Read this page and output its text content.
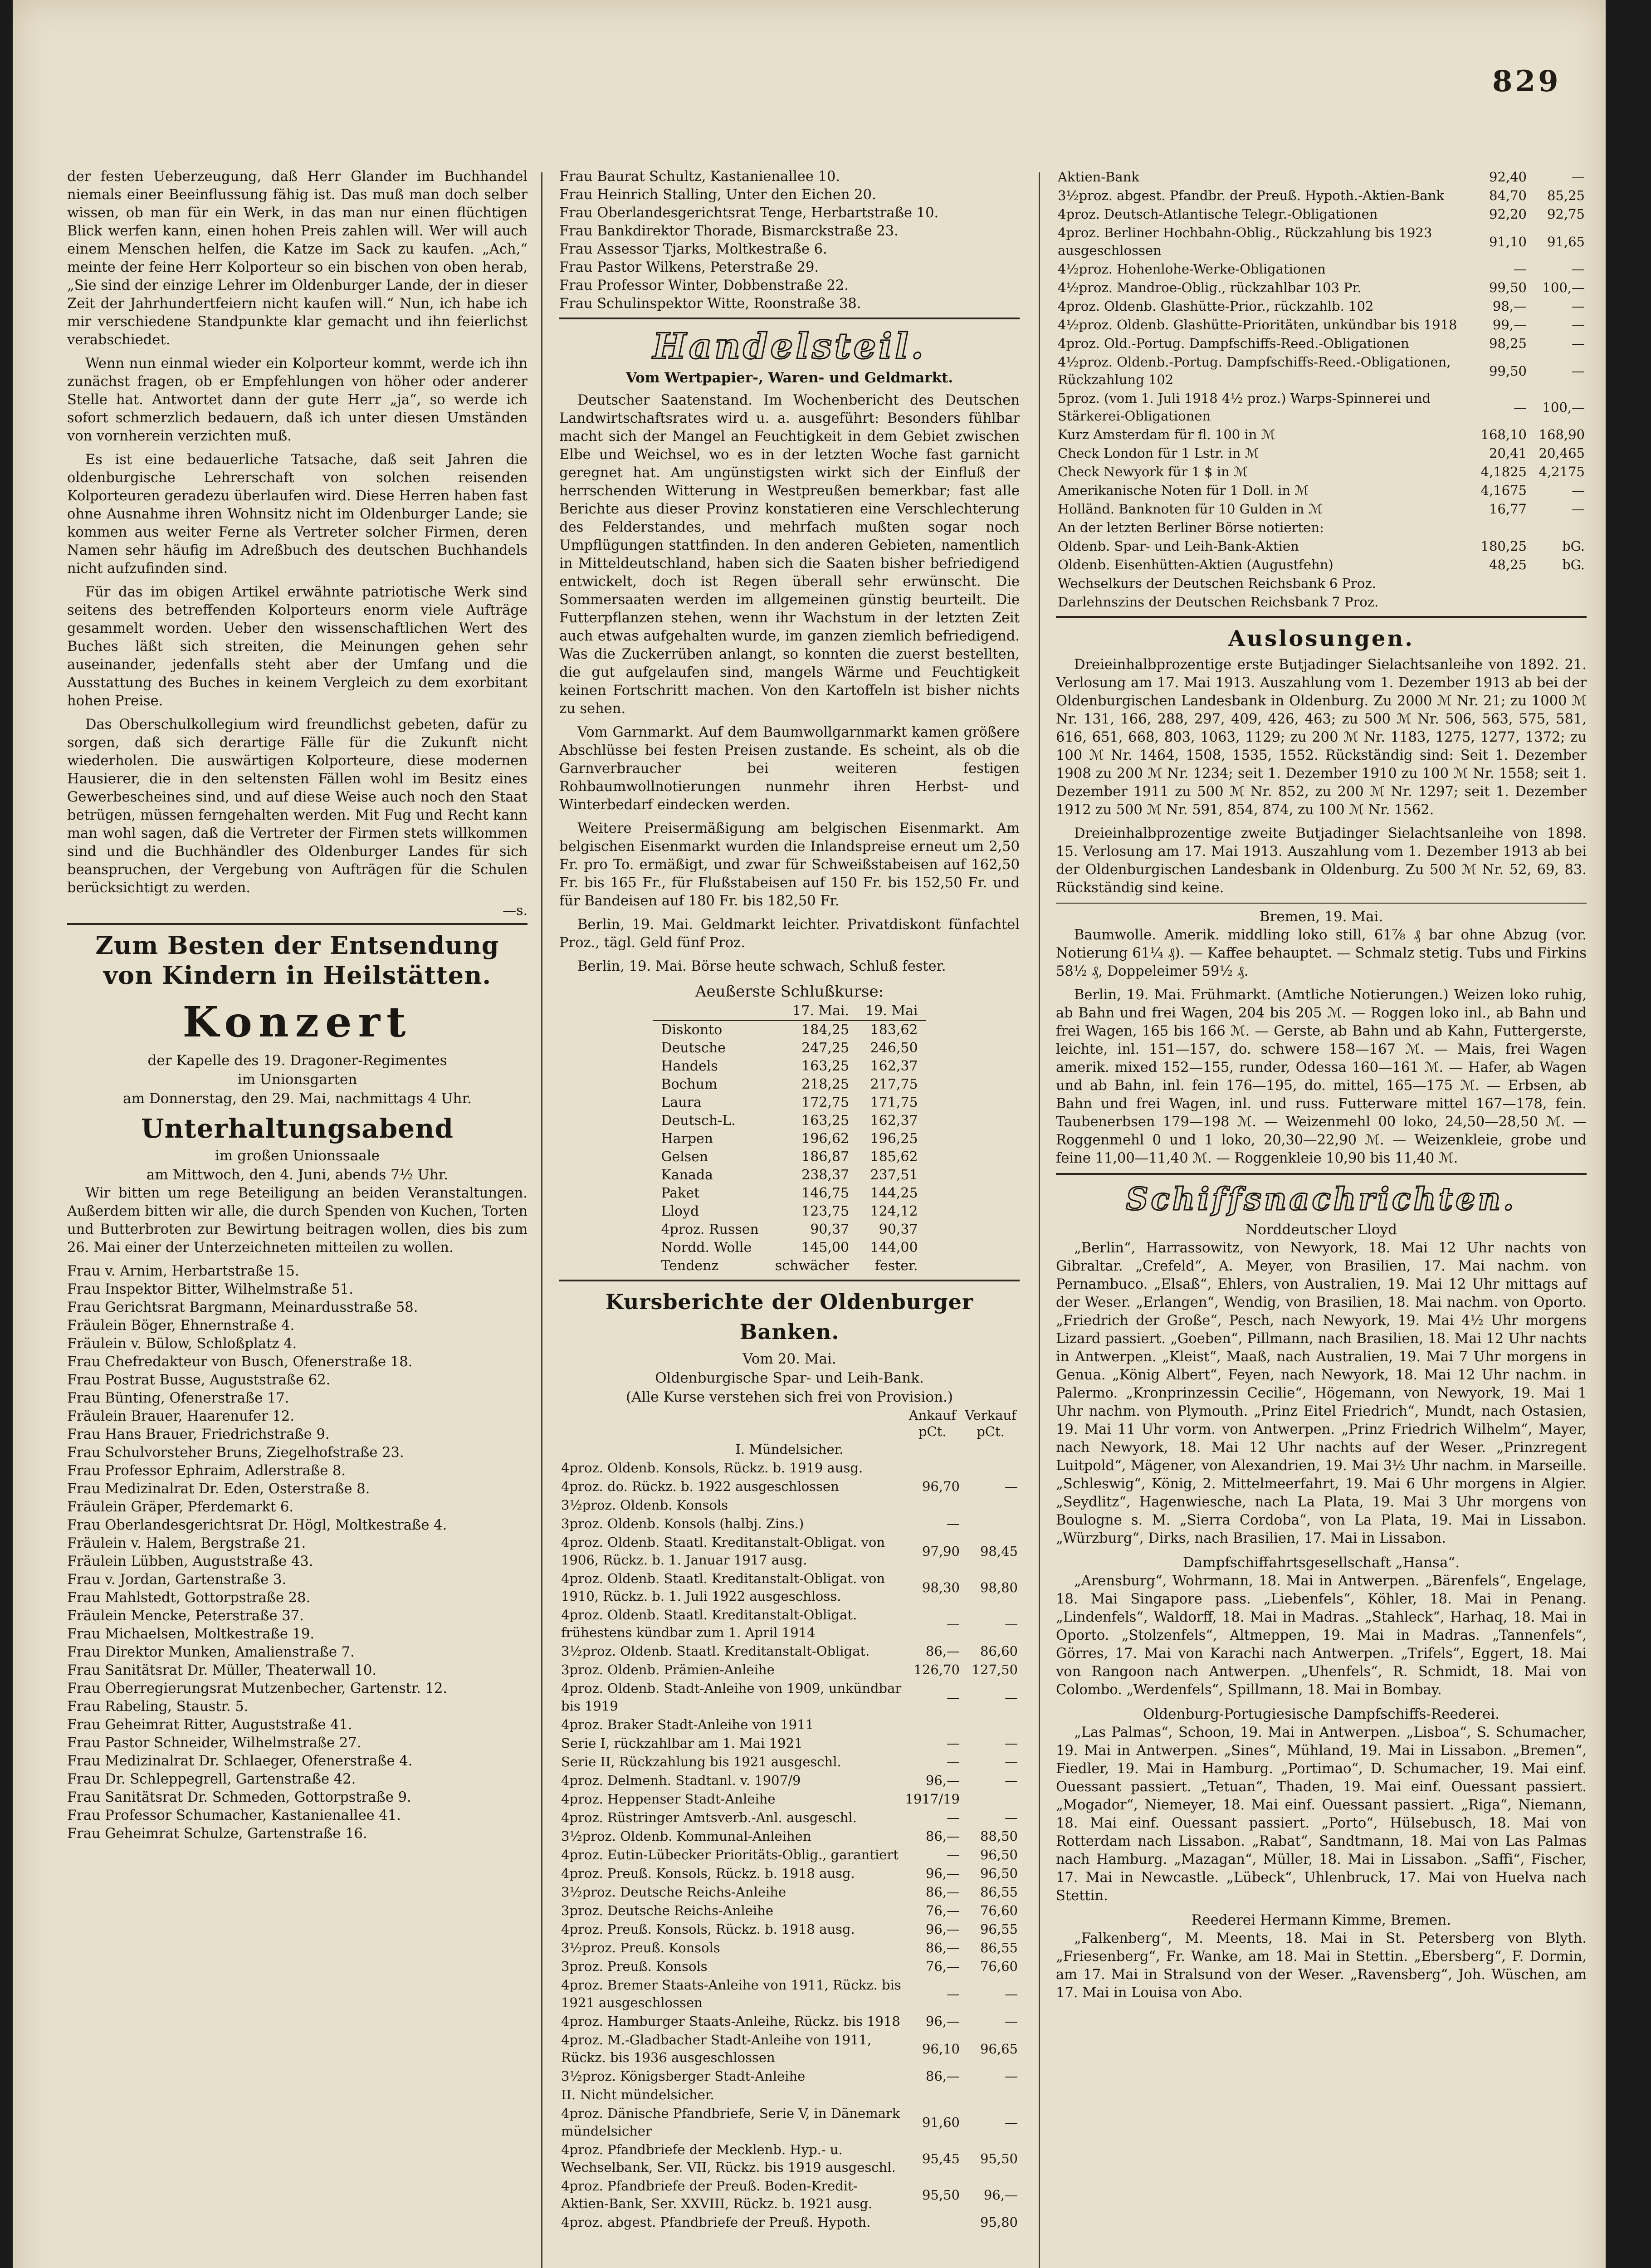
829

der festen Ueberzeugung, daß Herr Glander im Buchhandel niemals einer Beeinflussung fähig ist. Das muß man doch selber wissen, ob man für ein Werk, in das man nur einen flüchtigen Blick werfen kann, einen hohen Preis zahlen will. Wer will auch einem Menschen helfen, die Katze im Sack zu kaufen. „Ach,“ meinte der feine Herr Kolporteur so ein bischen von oben herab, „Sie sind der einzige Lehrer im Oldenburger Lande, der in dieser Zeit der Jahrhundertfeiern nicht kaufen will.“ Nun, ich habe ich mir verschiedene Standpunkte klar gemacht und ihn feierlichst verabschiedet.

Wenn nun einmal wieder ein Kolporteur kommt, werde ich ihn zunächst fragen, ob er Empfehlungen von höher oder anderer Stelle hat. Antwortet dann der gute Herr „ja“, so werde ich sofort schmerzlich bedauern, daß ich unter diesen Umständen von vornherein verzichten muß.

Es ist eine bedauerliche Tatsache, daß seit Jahren die oldenburgische Lehrerschaft von solchen reisenden Kolporteuren geradezu überlaufen wird. Diese Herren haben fast ohne Ausnahme ihren Wohnsitz nicht im Oldenburger Lande; sie kommen aus weiter Ferne als Vertreter solcher Firmen, deren Namen sehr häufig im Adreßbuch des deutschen Buchhandels nicht aufzufinden sind.

Für das im obigen Artikel erwähnte patriotische Werk sind seitens des betreffenden Kolporteurs enorm viele Aufträge gesammelt worden. Ueber den wissenschaftlichen Wert des Buches läßt sich streiten, die Meinungen gehen sehr auseinander, jedenfalls steht aber der Umfang und die Ausstattung des Buches in keinem Vergleich zu dem exorbitant hohen Preise.

Das Oberschulkollegium wird freundlichst gebeten, dafür zu sorgen, daß sich derartige Fälle für die Zukunft nicht wiederholen. Die auswärtigen Kolporteure, diese modernen Hausierer, die in den seltensten Fällen wohl im Besitz eines Gewerbescheines sind, und auf diese Weise auch noch den Staat betrügen, müssen ferngehalten werden. Mit Fug und Recht kann man wohl sagen, daß die Vertreter der Firmen stets willkommen sind und die Buchhändler des Oldenburger Landes für sich beanspruchen, der Vergebung von Aufträgen für die Schulen berücksichtigt zu werden.

—s.
Zum Besten der Entsendung von Kindern in Heilstätten.
Konzert
der Kapelle des 19. Dragoner-Regimentes
im Unionsgarten
am Donnerstag, den 29. Mai, nachmittags 4 Uhr.
Unterhaltungsabend
im großen Unionssaale
am Mittwoch, den 4. Juni, abends 7½ Uhr.

Wir bitten um rege Beteiligung an beiden Veranstaltungen. Außerdem bitten wir alle, die durch Spenden von Kuchen, Torten und Butterbroten zur Bewirtung beitragen wollen, dies bis zum 26. Mai einer der Unterzeichneten mitteilen zu wollen.

Frau v. Arnim, Herbartstraße 15.
Frau Inspektor Bitter, Wilhelmstraße 51.
Frau Gerichtsrat Bargmann, Meinardusstraße 58.
Fräulein Böger, Ehnernstraße 4.
Fräulein v. Bülow, Schloßplatz 4.
Frau Chefredakteur von Busch, Ofenerstraße 18.
Frau Postrat Busse, Auguststraße 62.
Frau Bünting, Ofenerstraße 17.
Fräulein Brauer, Haarenufer 12.
Frau Hans Brauer, Friedrichstraße 9.
Frau Schulvorsteher Bruns, Ziegelhofstraße 23.
Frau Professor Ephraim, Adlerstraße 8.
Frau Medizinalrat Dr. Eden, Osterstraße 8.
Fräulein Gräper, Pferdemarkt 6.
Frau Oberlandesgerichtsrat Dr. Högl, Moltkestraße 4.
Fräulein v. Halem, Bergstraße 21.
Fräulein Lübben, Auguststraße 43.
Frau v. Jordan, Gartenstraße 3.
Frau Mahlstedt, Gottorpstraße 28.
Fräulein Mencke, Peterstraße 37.
Frau Michaelsen, Moltkestraße 19.
Frau Direktor Munken, Amalienstraße 7.
Frau Sanitätsrat Dr. Müller, Theaterwall 10.
Frau Oberregierungsrat Mutzenbecher, Gartenstr. 12.
Frau Rabeling, Staustr. 5.
Frau Geheimrat Ritter, Auguststraße 41.
Frau Pastor Schneider, Wilhelmstraße 27.
Frau Medizinalrat Dr. Schlaeger, Ofenerstraße 4.
Frau Dr. Schleppegrell, Gartenstraße 42.
Frau Sanitätsrat Dr. Schmeden, Gottorpstraße 9.
Frau Professor Schumacher, Kastanienallee 41.
Frau Geheimrat Schulze, Gartenstraße 16.
Frau Baurat Schultz, Kastanienallee 10.
Frau Heinrich Stalling, Unter den Eichen 20.
Frau Oberlandesgerichtsrat Tenge, Herbartstraße 10.
Frau Bankdirektor Thorade, Bismarckstraße 23.
Frau Assessor Tjarks, Moltkestraße 6.
Frau Pastor Wilkens, Peterstraße 29.
Frau Professor Winter, Dobbenstraße 22.
Frau Schulinspektor Witte, Roonstraße 38.
Handelsteil.
Vom Wertpapier-, Waren- und Geldmarkt.

Deutscher Saatenstand. Im Wochenbericht des Deutschen Landwirtschaftsrates wird u. a. ausgeführt: Besonders fühlbar macht sich der Mangel an Feuchtigkeit in dem Gebiet zwischen Elbe und Weichsel, wo es in der letzten Woche fast garnicht geregnet hat. Am ungünstigsten wirkt sich der Einfluß der herrschenden Witterung in Westpreußen bemerkbar; fast alle Berichte aus dieser Provinz konstatieren eine Verschlechterung des Felderstandes, und mehrfach mußten sogar noch Umpflügungen stattfinden. In den anderen Gebieten, namentlich in Mitteldeutschland, haben sich die Saaten bisher befriedigend entwickelt, doch ist Regen überall sehr erwünscht. Die Sommersaaten werden im allgemeinen günstig beurteilt. Die Futterpflanzen stehen, wenn ihr Wachstum in der letzten Zeit auch etwas aufgehalten wurde, im ganzen ziemlich befriedigend. Was die Zuckerrüben anlangt, so konnten die zuerst bestellten, die gut aufgelaufen sind, mangels Wärme und Feuchtigkeit keinen Fortschritt machen. Von den Kartoffeln ist bisher nichts zu sehen.

Vom Garnmarkt. Auf dem Baumwollgarnmarkt kamen größere Abschlüsse bei festen Preisen zustande. Es scheint, als ob die Garnverbraucher bei weiteren festigen Rohbaumwollnotierungen nunmehr ihren Herbst- und Winterbedarf eindecken werden.

Weitere Preisermäßigung am belgischen Eisenmarkt. Am belgischen Eisenmarkt wurden die Inlandspreise erneut um 2,50 Fr. pro To. ermäßigt, und zwar für Schweißstabeisen auf 162,50 Fr. bis 165 Fr., für Flußstabeisen auf 150 Fr. bis 152,50 Fr. und für Bandeisen auf 180 Fr. bis 182,50 Fr.

Berlin, 19. Mai. Geldmarkt leichter. Privatdiskont fünfachtel Proz., tägl. Geld fünf Proz.

Berlin, 19. Mai. Börse heute schwach, Schluß fester.

Aeußerste Schlußkurse:
	17. Mai.	19. Mai
Diskonto	184,25	183,62
Deutsche	247,25	246,50
Handels	163,25	162,37
Bochum	218,25	217,75
Laura	172,75	171,75
Deutsch-L.	163,25	162,37
Harpen	196,62	196,25
Gelsen	186,87	185,62
Kanada	238,37	237,51
Paket	146,75	144,25
Lloyd	123,75	124,12
4proz. Russen	90,37	90,37
Nordd. Wolle	145,00	144,00
Tendenz	schwächer	fester.
Kursberichte der Oldenburger Banken.
Vom 20. Mai.
Oldenburgische Spar- und Leih-Bank.
(Alle Kurse verstehen sich frei von Provision.)
	Ankauf pCt.	Verkauf pCt.
I. Mündelsicher.		
4proz. Oldenb. Konsols, Rückz. b. 1919 ausg.		
4proz. do. Rückz. b. 1922 ausgeschlossen	96,70	—
3½proz. Oldenb. Konsols		
3proz. Oldenb. Konsols (halbj. Zins.)	—	
4proz. Oldenb. Staatl. Kreditanstalt-Obligat. von 1906, Rückz. b. 1. Januar 1917 ausg.	97,90	98,45
4proz. Oldenb. Staatl. Kreditanstalt-Obligat. von 1910, Rückz. b. 1. Juli 1922 ausgeschloss.	98,30	98,80
4proz. Oldenb. Staatl. Kreditanstalt-Obligat. frühestens kündbar zum 1. April 1914	—	—
3½proz. Oldenb. Staatl. Kreditanstalt-Obligat.	86,—	86,60
3proz. Oldenb. Prämien-Anleihe	126,70	127,50
4proz. Oldenb. Stadt-Anleihe von 1909, unkündbar bis 1919	—	—
4proz. Braker Stadt-Anleihe von 1911		
Serie I, rückzahlbar am 1. Mai 1921	—	—
Serie II, Rückzahlung bis 1921 ausgeschl.	—	—
4proz. Delmenh. Stadtanl. v. 1907/9	96,—	—
4proz. Heppenser Stadt-Anleihe	1917/19	
4proz. Rüstringer Amtsverb.-Anl. ausgeschl.	—	—
3½proz. Oldenb. Kommunal-Anleihen	86,—	88,50
4proz. Eutin-Lübecker Prioritäts-Oblig., garantiert	—	96,50
4proz. Preuß. Konsols, Rückz. b. 1918 ausg.	96,—	96,50
3½proz. Deutsche Reichs-Anleihe	86,—	86,55
3proz. Deutsche Reichs-Anleihe	76,—	76,60
4proz. Preuß. Konsols, Rückz. b. 1918 ausg.	96,—	96,55
3½proz. Preuß. Konsols	86,—	86,55
3proz. Preuß. Konsols	76,—	76,60
4proz. Bremer Staats-Anleihe von 1911, Rückz. bis 1921 ausgeschlossen	—	—
4proz. Hamburger Staats-Anleihe, Rückz. bis 1918	96,—	—
4proz. M.-Gladbacher Stadt-Anleihe von 1911, Rückz. bis 1936 ausgeschlossen	96,10	96,65
3½proz. Königsberger Stadt-Anleihe	86,—	—
II. Nicht mündelsicher.		
4proz. Dänische Pfandbriefe, Serie V, in Dänemark mündelsicher	91,60	—
4proz. Pfandbriefe der Mecklenb. Hyp.- u. Wechselbank, Ser. VII, Rückz. bis 1919 ausgeschl.	95,45	95,50
4proz. Pfandbriefe der Preuß. Boden-Kredit-Aktien-Bank, Ser. XXVIII, Rückz. b. 1921 ausg.	95,50	96,—
4proz. abgest. Pfandbriefe der Preuß. Hypoth.		95,80
Aktien-Bank	92,40	—
3½proz. abgest. Pfandbr. der Preuß. Hypoth.-Aktien-Bank	84,70	85,25
4proz. Deutsch-Atlantische Telegr.-Obligationen	92,20	92,75
4proz. Berliner Hochbahn-Oblig., Rückzahlung bis 1923 ausgeschlossen	91,10	91,65
4½proz. Hohenlohe-Werke-Obligationen	—	—
4½proz. Mandroe-Oblig., rückzahlbar 103 Pr.	99,50	100,—
4proz. Oldenb. Glashütte-Prior., rückzahlb. 102	98,—	—
4½proz. Oldenb. Glashütte-Prioritäten, unkündbar bis 1918	99,—	—
4proz. Old.-Portug. Dampfschiffs-Reed.-Obligationen	98,25	—
4½proz. Oldenb.-Portug. Dampfschiffs-Reed.-Obligationen, Rückzahlung 102	99,50	—
5proz. (vom 1. Juli 1918 4½ proz.) Warps-Spinnerei und Stärkerei-Obligationen	—	100,—
Kurz Amsterdam für fl. 100 in ℳ	168,10	168,90
Check London für 1 Lstr. in ℳ	20,41	20,465
Check Newyork für 1 $ in ℳ	4,1825	4,2175
Amerikanische Noten für 1 Doll. in ℳ	4,1675	—
Holländ. Banknoten für 10 Gulden in ℳ	16,77	—
An der letzten Berliner Börse notierten:		
Oldenb. Spar- und Leih-Bank-Aktien	180,25	bG.
Oldenb. Eisenhütten-Aktien (Augustfehn)	48,25	bG.
Wechselkurs der Deutschen Reichsbank 6 Proz.		
Darlehnszins der Deutschen Reichsbank 7 Proz.		
Auslosungen.

Dreieinhalbprozentige erste Butjadinger Sielachtsanleihe von 1892. 21. Verlosung am 17. Mai 1913. Auszahlung vom 1. Dezember 1913 ab bei der Oldenburgischen Landesbank in Oldenburg. Zu 2000 ℳ Nr. 21; zu 1000 ℳ Nr. 131, 166, 288, 297, 409, 426, 463; zu 500 ℳ Nr. 506, 563, 575, 581, 616, 651, 668, 803, 1063, 1129; zu 200 ℳ Nr. 1183, 1275, 1277, 1372; zu 100 ℳ Nr. 1464, 1508, 1535, 1552. Rückständig sind: Seit 1. Dezember 1908 zu 200 ℳ Nr. 1234; seit 1. Dezember 1910 zu 100 ℳ Nr. 1558; seit 1. Dezember 1911 zu 500 ℳ Nr. 852, zu 200 ℳ Nr. 1297; seit 1. Dezember 1912 zu 500 ℳ Nr. 591, 854, 874, zu 100 ℳ Nr. 1562.

Dreieinhalbprozentige zweite Butjadinger Sielachtsanleihe von 1898. 15. Verlosung am 17. Mai 1913. Auszahlung vom 1. Dezember 1913 ab bei der Oldenburgischen Landesbank in Oldenburg. Zu 500 ℳ Nr. 52, 69, 83. Rückständig sind keine.

Bremen, 19. Mai.

Baumwolle. Amerik. middling loko still, 61⅞ ₰ bar ohne Abzug (vor. Notierung 61¼ ₰). — Kaffee behauptet. — Schmalz stetig. Tubs und Firkins 58½ ₰, Doppeleimer 59½ ₰.

Berlin, 19. Mai. Frühmarkt. (Amtliche Notierungen.) Weizen loko ruhig, ab Bahn und frei Wagen, 204 bis 205 ℳ. — Roggen loko inl., ab Bahn und frei Wagen, 165 bis 166 ℳ. — Gerste, ab Bahn und ab Kahn, Futtergerste, leichte, inl. 151—157, do. schwere 158—167 ℳ. — Mais, frei Wagen amerik. mixed 152—155, runder, Odessa 160—161 ℳ. — Hafer, ab Wagen und ab Bahn, inl. fein 176—195, do. mittel, 165—175 ℳ. — Erbsen, ab Bahn und frei Wagen, inl. und russ. Futterware mittel 167—178, fein. Taubenerbsen 179—198 ℳ. — Weizenmehl 00 loko, 24,50—28,50 ℳ. — Roggenmehl 0 und 1 loko, 20,30—22,90 ℳ. — Weizenkleie, grobe und feine 11,00—11,40 ℳ. — Roggenkleie 10,90 bis 11,40 ℳ.

Schiffsnachrichten.
Norddeutscher Lloyd

„Berlin“, Harrassowitz, von Newyork, 18. Mai 12 Uhr nachts von Gibraltar. „Crefeld“, A. Meyer, von Brasilien, 17. Mai nachm. von Pernambuco. „Elsaß“, Ehlers, von Australien, 19. Mai 12 Uhr mittags auf der Weser. „Erlangen“, Wendig, von Brasilien, 18. Mai nachm. von Oporto. „Friedrich der Große“, Pesch, nach Newyork, 19. Mai 4½ Uhr morgens Lizard passiert. „Goeben“, Pillmann, nach Brasilien, 18. Mai 12 Uhr nachts in Antwerpen. „Kleist“, Maaß, nach Australien, 19. Mai 7 Uhr morgens in Genua. „König Albert“, Feyen, nach Newyork, 18. Mai 12 Uhr nachm. in Palermo. „Kronprinzessin Cecilie“, Högemann, von Newyork, 19. Mai 1 Uhr nachm. von Plymouth. „Prinz Eitel Friedrich“, Mundt, nach Ostasien, 19. Mai 11 Uhr vorm. von Antwerpen. „Prinz Friedrich Wilhelm“, Mayer, nach Newyork, 18. Mai 12 Uhr nachts auf der Weser. „Prinzregent Luitpold“, Mägener, von Alexandrien, 19. Mai 3½ Uhr nachm. in Marseille. „Schleswig“, König, 2. Mittelmeerfahrt, 19. Mai 6 Uhr morgens in Algier. „Seydlitz“, Hagenwiesche, nach La Plata, 19. Mai 3 Uhr morgens von Boulogne s. M. „Sierra Cordoba“, von La Plata, 19. Mai in Lissabon. „Würzburg“, Dirks, nach Brasilien, 17. Mai in Lissabon.

Dampfschiffahrtsgesellschaft „Hansa“.

„Arensburg“, Wohrmann, 18. Mai in Antwerpen. „Bärenfels“, Engelage, 18. Mai Singapore pass. „Liebenfels“, Köhler, 18. Mai in Penang. „Lindenfels“, Waldorff, 18. Mai in Madras. „Stahleck“, Harhaq, 18. Mai in Oporto. „Stolzenfels“, Altmeppen, 19. Mai in Madras. „Tannenfels“, Görres, 17. Mai von Karachi nach Antwerpen. „Trifels“, Eggert, 18. Mai von Rangoon nach Antwerpen. „Uhenfels“, R. Schmidt, 18. Mai von Colombo. „Werdenfels“, Spillmann, 18. Mai in Bombay.

Oldenburg-Portugiesische Dampfschiffs-Reederei.

„Las Palmas“, Schoon, 19. Mai in Antwerpen. „Lisboa“, S. Schumacher, 19. Mai in Antwerpen. „Sines“, Mühland, 19. Mai in Lissabon. „Bremen“, Fiedler, 19. Mai in Hamburg. „Portimao“, D. Schumacher, 19. Mai einf. Ouessant passiert. „Tetuan“, Thaden, 19. Mai einf. Ouessant passiert. „Mogador“, Niemeyer, 18. Mai einf. Ouessant passiert. „Riga“, Niemann, 18. Mai einf. Ouessant passiert. „Porto“, Hülsebusch, 18. Mai von Rotterdam nach Lissabon. „Rabat“, Sandtmann, 18. Mai von Las Palmas nach Hamburg. „Mazagan“, Müller, 18. Mai in Lissabon. „Saffi“, Fischer, 17. Mai in Newcastle. „Lübeck“, Uhlenbruck, 17. Mai von Huelva nach Stettin.

Reederei Hermann Kimme, Bremen.

„Falkenberg“, M. Meents, 18. Mai in St. Petersberg von Blyth. „Friesenberg“, Fr. Wanke, am 18. Mai in Stettin. „Ebersberg“, F. Dormin, am 17. Mai in Stralsund von der Weser. „Ravensberg“, Joh. Wüschen, am 17. Mai in Louisa von Abo.
